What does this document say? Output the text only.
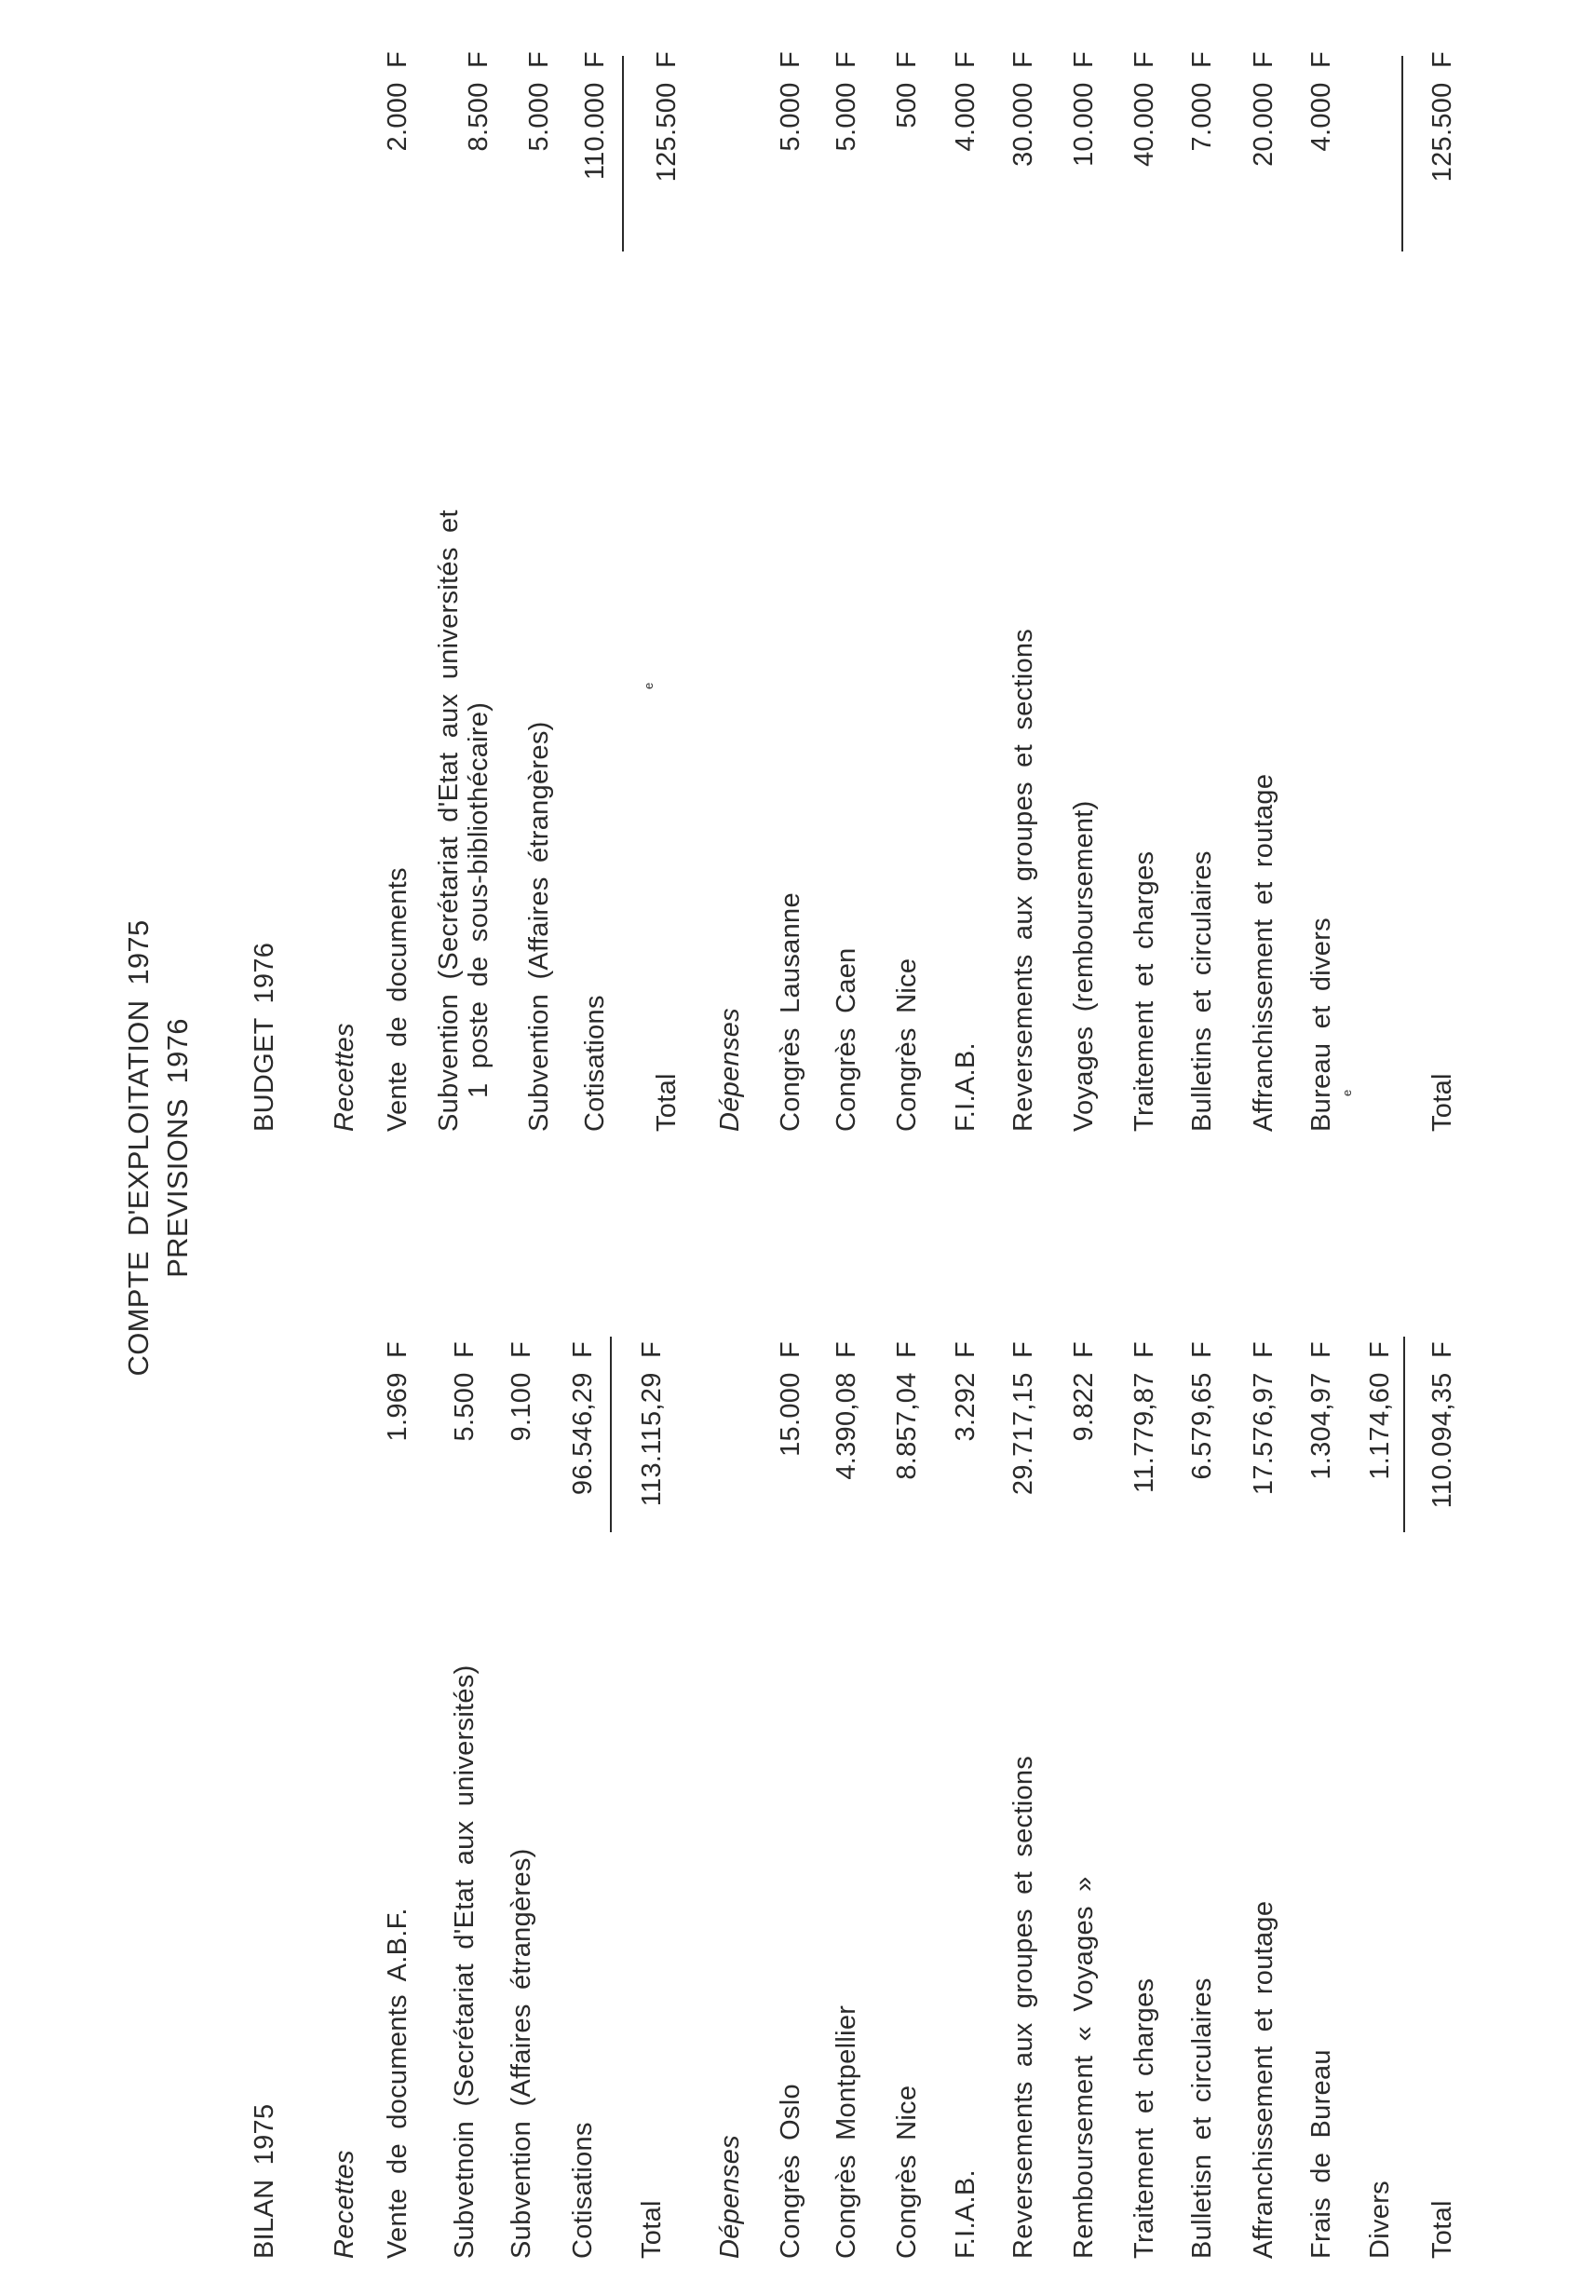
COMPTE D'EXPLOITATION 1975 PREVISIONS 1976
BILAN 1975 Recettes Vente de documents A.B.F.
1.969 F
Subvetnoin (Secrétariat d'Etat aux universités)
5.500 F
Subvention (Affaires étrangères)
9.100 F
Cotisations
96.546,29 F
Total
113.115,29 F
Dépenses Congrès Oslo
15.000 F
Congrès Montpellier
4.390,08 F
Congrès Nice
8.857,04 F
F.I.A.B.
3.292 F
Reversements aux groupes et sections
29.717,15 F
Remboursement « Voyages »
9.822 F
Traitement et charges
11.779,87 F
Bulletisn et circulaires
6.579,65 F
Affranchissement et routage
17.576,97 F
Frais de Bureau
1.304,97 F
Divers
1.174,60 F
Total
110.094,35 F
BUDGET 1976 Recettes Vente de documents
2.000 F
Subvention (Secrétariat d'Etat aux universités et 1 poste de sous-bibliothécaire)
8.500 F
Subvention (Affaires étrangères)
5.000 F
Cotisations
110.000 F
Total
125.500 F
Dépenses Congrès Lausanne
5.000 F
Congrès Caen
5.000 F
Congrès Nice
500 F
F.I.A.B.
4.000 F
Reversements aux groupes et sections
30.000 F
Voyages (remboursement)
10.000 F
Traitement et charges
40.000 F
Bulletins et circulaires
7.000 F
Affranchissement et routage
20.000 F
Bureau et divers
4.000 F
Total
125.500 F
e
e
